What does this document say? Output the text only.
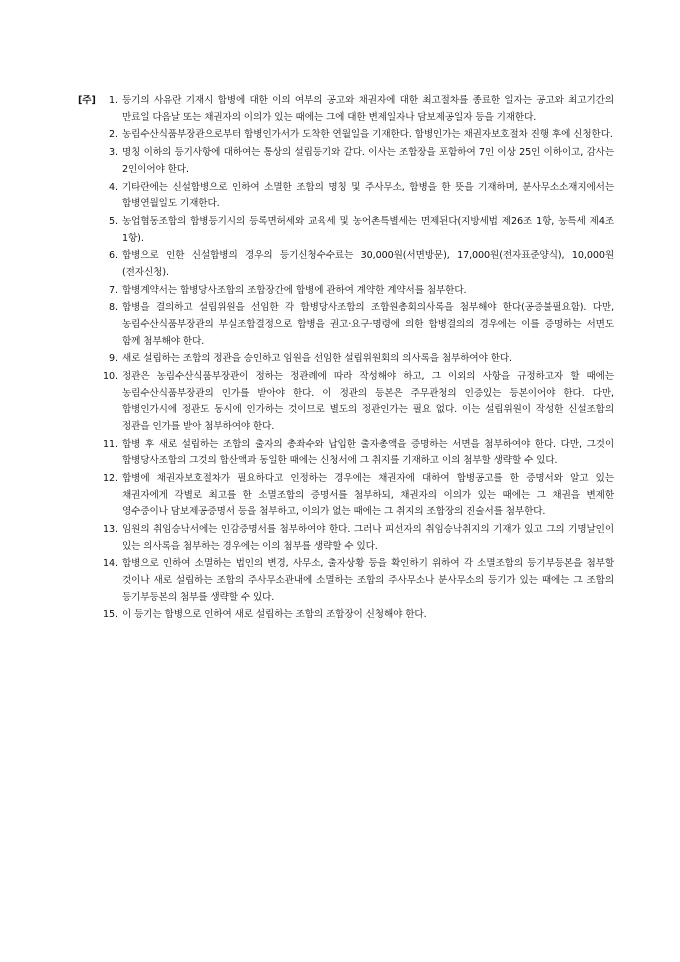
[주]	1. 등기의 사유란 기재시 합병에 대한 이의 여부의 공고와 채권자에 대한 최고절차를 종료한 일자는 공고와 최고기간의 만료일 다음날 또는 채권자의 이의가 있는 때에는 그에 대한 변제일자나 담보제공일자 등을 기재한다.
2. 농림수산식품부장관으로부터 합병인가서가 도착한 연월일을 기재한다. 합병인가는 채권자보호절차 진행 후에 신청한다.
3. 명칭 이하의 등기사항에 대하여는 통상의 설립등기와 같다. 이사는 조합장을 포함하여 7인 이상 25인 이하이고, 감사는 2인이어야 한다.
4. 기타란에는 신설합병으로 인하여 소멸한 조합의 명칭 및 주사무소, 합병을 한 뜻을 기재하며, 분사무소소재지에서는 합병연월일도 기재한다.
5. 농업협동조합의 합병등기시의 등록면허세와 교육세 및 농어촌특별세는 면제된다(지방세법 제26조 1항, 농특세 제4조 1항).
6. 합병으로 인한 신설합병의 경우의 등기신청수수료는 30,000원(서면방문), 17,000원(전자표준양식), 10,000원(전자신청).
7. 합병계약서는 합병당사조합의 조합장간에 합병에 관하여 계약한 계약서를 첨부한다.
8. 합병을 결의하고 설립위원을 선임한 각 합병당사조합의 조합원총회의사록을 첨부해야 한다(공증불필요함). 다만, 농림수산식품부장관의 부실조합결정으로 합병을 권고·요구·명령에 의한 합병결의의 경우에는 이를 증명하는 서면도 함께 첨부해야 한다.
9. 새로 설립하는 조합의 정관을 승인하고 임원을 선임한 설립위원회의 의사록을 첨부하여야 한다.
10. 정관은 농림수산식품부장관이 정하는 정관례에 따라 작성해야 하고, 그 이외의 사항을 규정하고자 할 때에는 농림수산식품부장관의 인가를 받아야 한다. 이 정관의 등본은 주무관청의 인증있는 등본이어야 한다. 다만, 합병인가시에 정관도 동시에 인가하는 것이므로 별도의 정관인가는 필요 없다. 이는 설립위원이 작성한 신설조합의 정관을 인가를 받아 첨부하여야 한다.
11. 합병 후 새로 설립하는 조합의 출자의 총좌수와 납입한 출자총액을 증명하는 서면을 첨부하여야 한다. 다만, 그것이 합병당사조합의 그것의 합산액과 동일한 때에는 신청서에 그 취지를 기재하고 이의 첨부할 생략할 수 있다.
12. 합병에 채권자보호절차가 필요하다고 인정하는 경우에는 채권자에 대하여 합병공고를 한 증명서와 알고 있는 채권자에게 각별로 최고를 한 소멸조합의 증명서를 첨부하되, 채권자의 이의가 있는 때에는 그 채권을 변제한 영수증이나 담보제공증명서 등을 첨부하고, 이의가 없는 때에는 그 취지의 조합장의 진술서를 첨부한다.
13. 임원의 취임승낙서에는 인감증명서를 첨부하여야 한다. 그러나 피선자의 취임승낙취지의 기재가 있고 그의 기명날인이 있는 의사록을 첨부하는 경우에는 이의 첨부를 생략할 수 있다.
14. 합병으로 인하여 소멸하는 법인의 변경, 사무소, 출자상황 등을 확인하기 위하여 각 소멸조합의 등기부등본을 첨부할 것이나 새로 설립하는 조합의 주사무소관내에 소멸하는 조합의 주사무소나 분사무소의 등기가 있는 때에는 그 조합의 등기부등본의 첨부를 생략할 수 있다.
15. 이 등기는 합병으로 인하여 새로 설립하는 조합의 조합장이 신청해야 한다.
